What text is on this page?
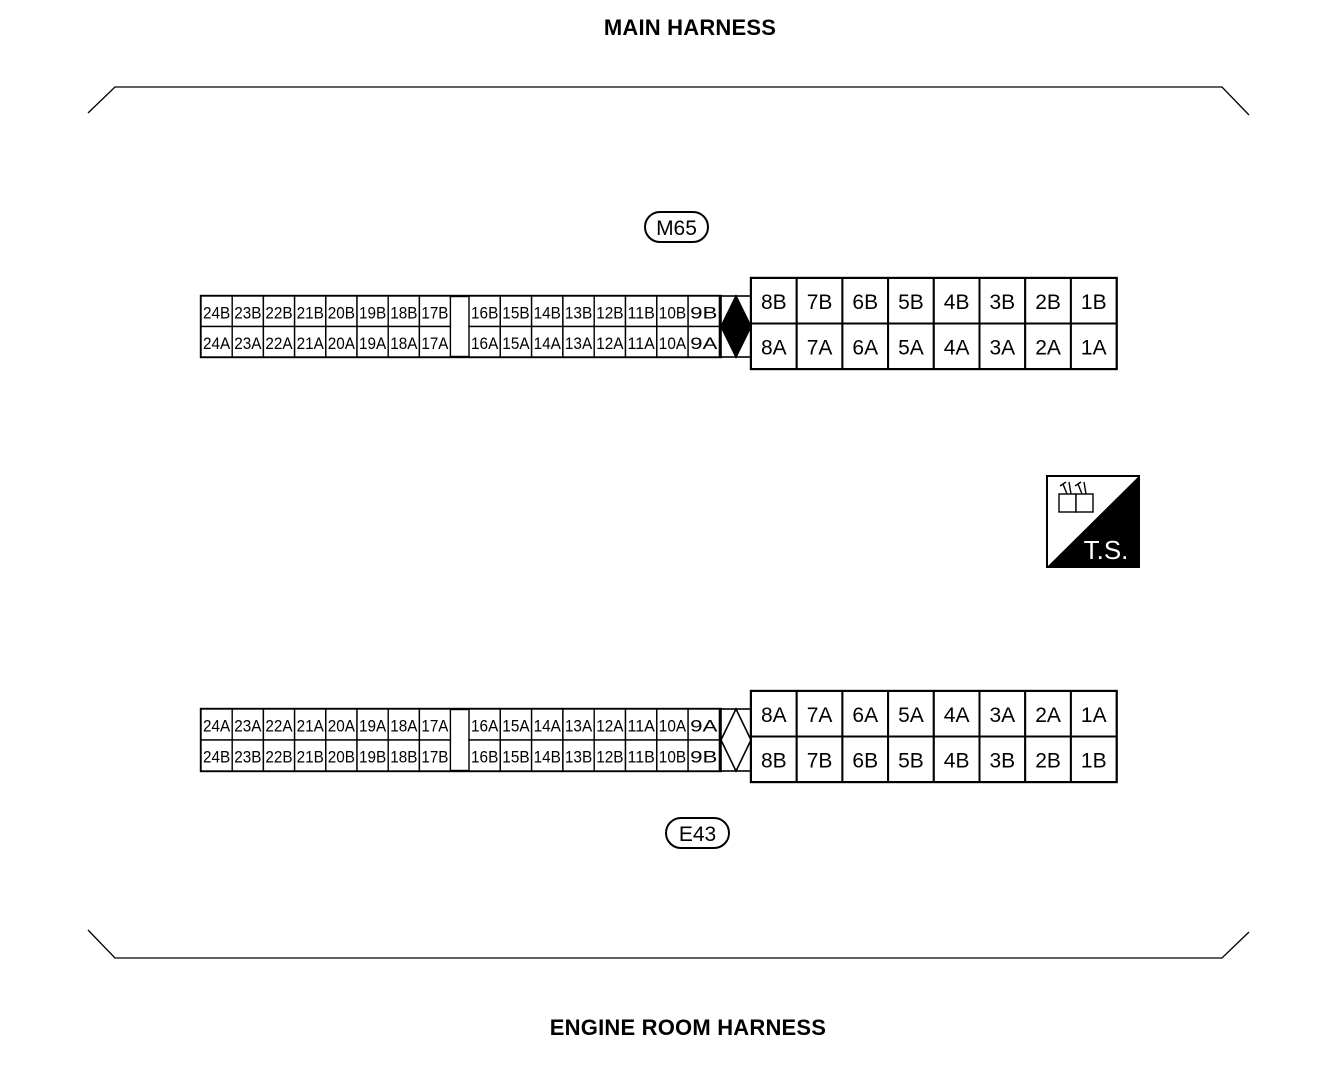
MAIN HARNESS
ENGINE ROOM HARNESS
M65
E43
24B 23B 22B 21B 20B 19B 18B 17B 16B 15B 14B 13B 12B 11B 10B 9B
24A 23A 22A 21A 20A 19A 18A 17A 16A 15A 14A 13A 12A 11A 10A 9A
8B 7B 6B 5B 4B 3B 2B 1B
8A 7A 6A 5A 4A 3A 2A 1A
24A 23A 22A 21A 20A 19A 18A 17A 16A 15A 14A 13A 12A 11A 10A 9A
24B 23B 22B 21B 20B 19B 18B 17B 16B 15B 14B 13B 12B 11B 10B 9B
8A 7A 6A 5A 4A 3A 2A 1A
8B 7B 6B 5B 4B 3B 2B 1B
T.S.
